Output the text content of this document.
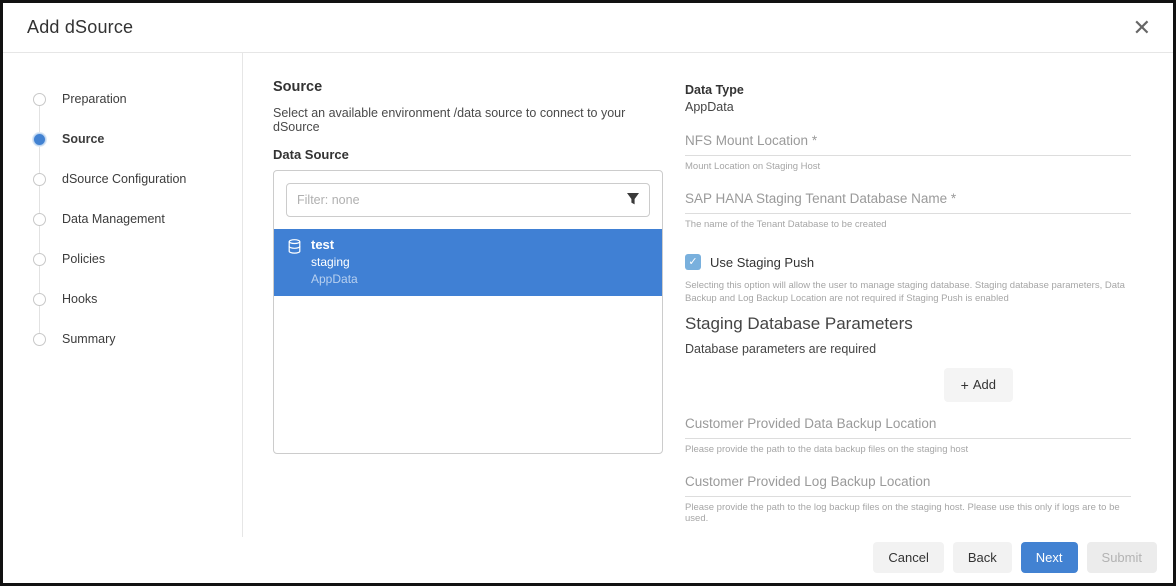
Add dSource	✕
Preparation
Source
dSource Configuration
Data Management
Policies
Hooks
Summary
Source
Select an available environment /data source to connect to your dSource
Data Source
Filter: none
test
staging
AppData
Data Type
AppData
NFS Mount Location *
Mount Location on Staging Host
SAP HANA Staging Tenant Database Name *
The name of the Tenant Database to be created
✓ Use Staging Push
Selecting this option will allow the user to manage staging database. Staging database parameters, Data Backup and Log Backup Location are not required if Staging Push is enabled
Staging Database Parameters
Database parameters are required
+ Add
Customer Provided Data Backup Location
Please provide the path to the data backup files on the staging host
Customer Provided Log Backup Location
Please provide the path to the log backup files on the staging host. Please use this only if logs are to be used.
Cancel	Back	Next	Submit
